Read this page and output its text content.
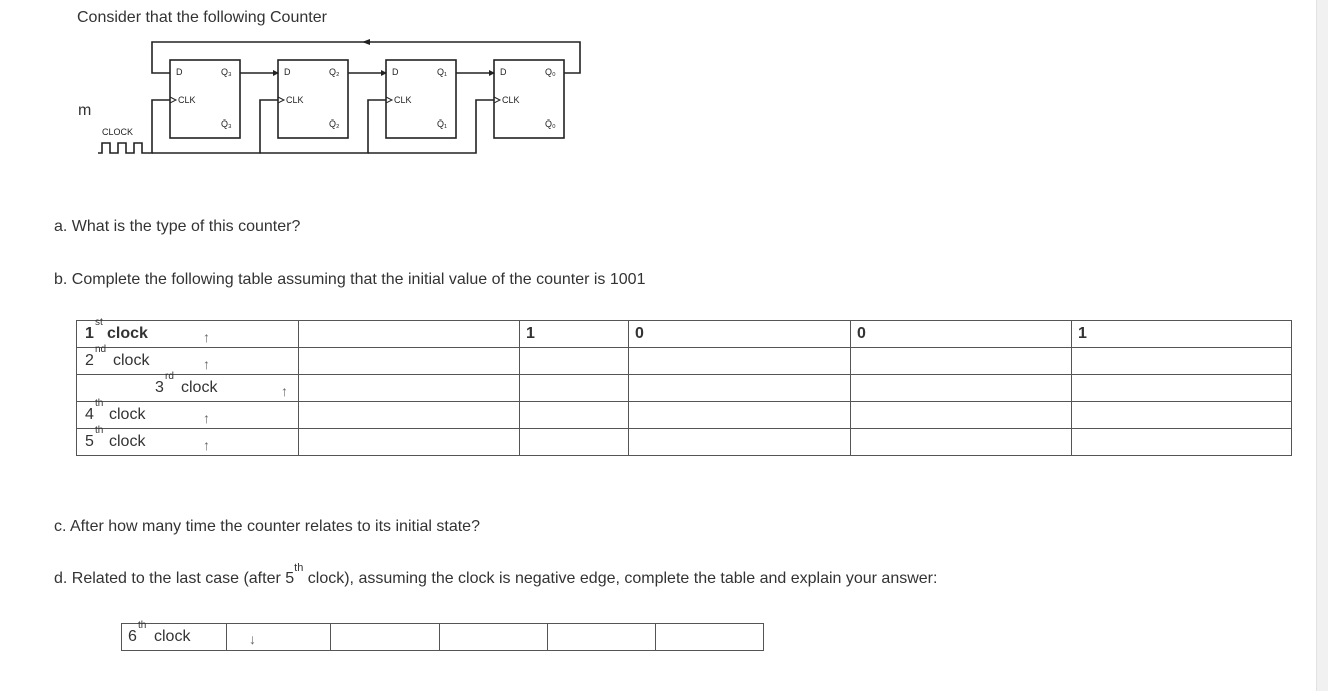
Consider that the following Counter
m
D	Q₃
CLK
Q̄₃
D	Q₂
CLK
Q̄₂
D	Q₁
CLK
Q̄₁
D	Q₀
CLK
Q̄₀
CLOCK
a. What is the type of this counter?
b. Complete the following table assuming that the initial value of the counter is 1001
1
st
clock ↑		1	0	0	1

2
nd
clock ↑					

3
rd
clock ↑					

4
th
clock ↑					

5
th
clock ↑					

c. After how many time the counter relates to its initial state?
d. Related to the last case (after 5th clock), assuming the clock is negative edge, complete the table and explain your answer:
6
th
clock	↓
